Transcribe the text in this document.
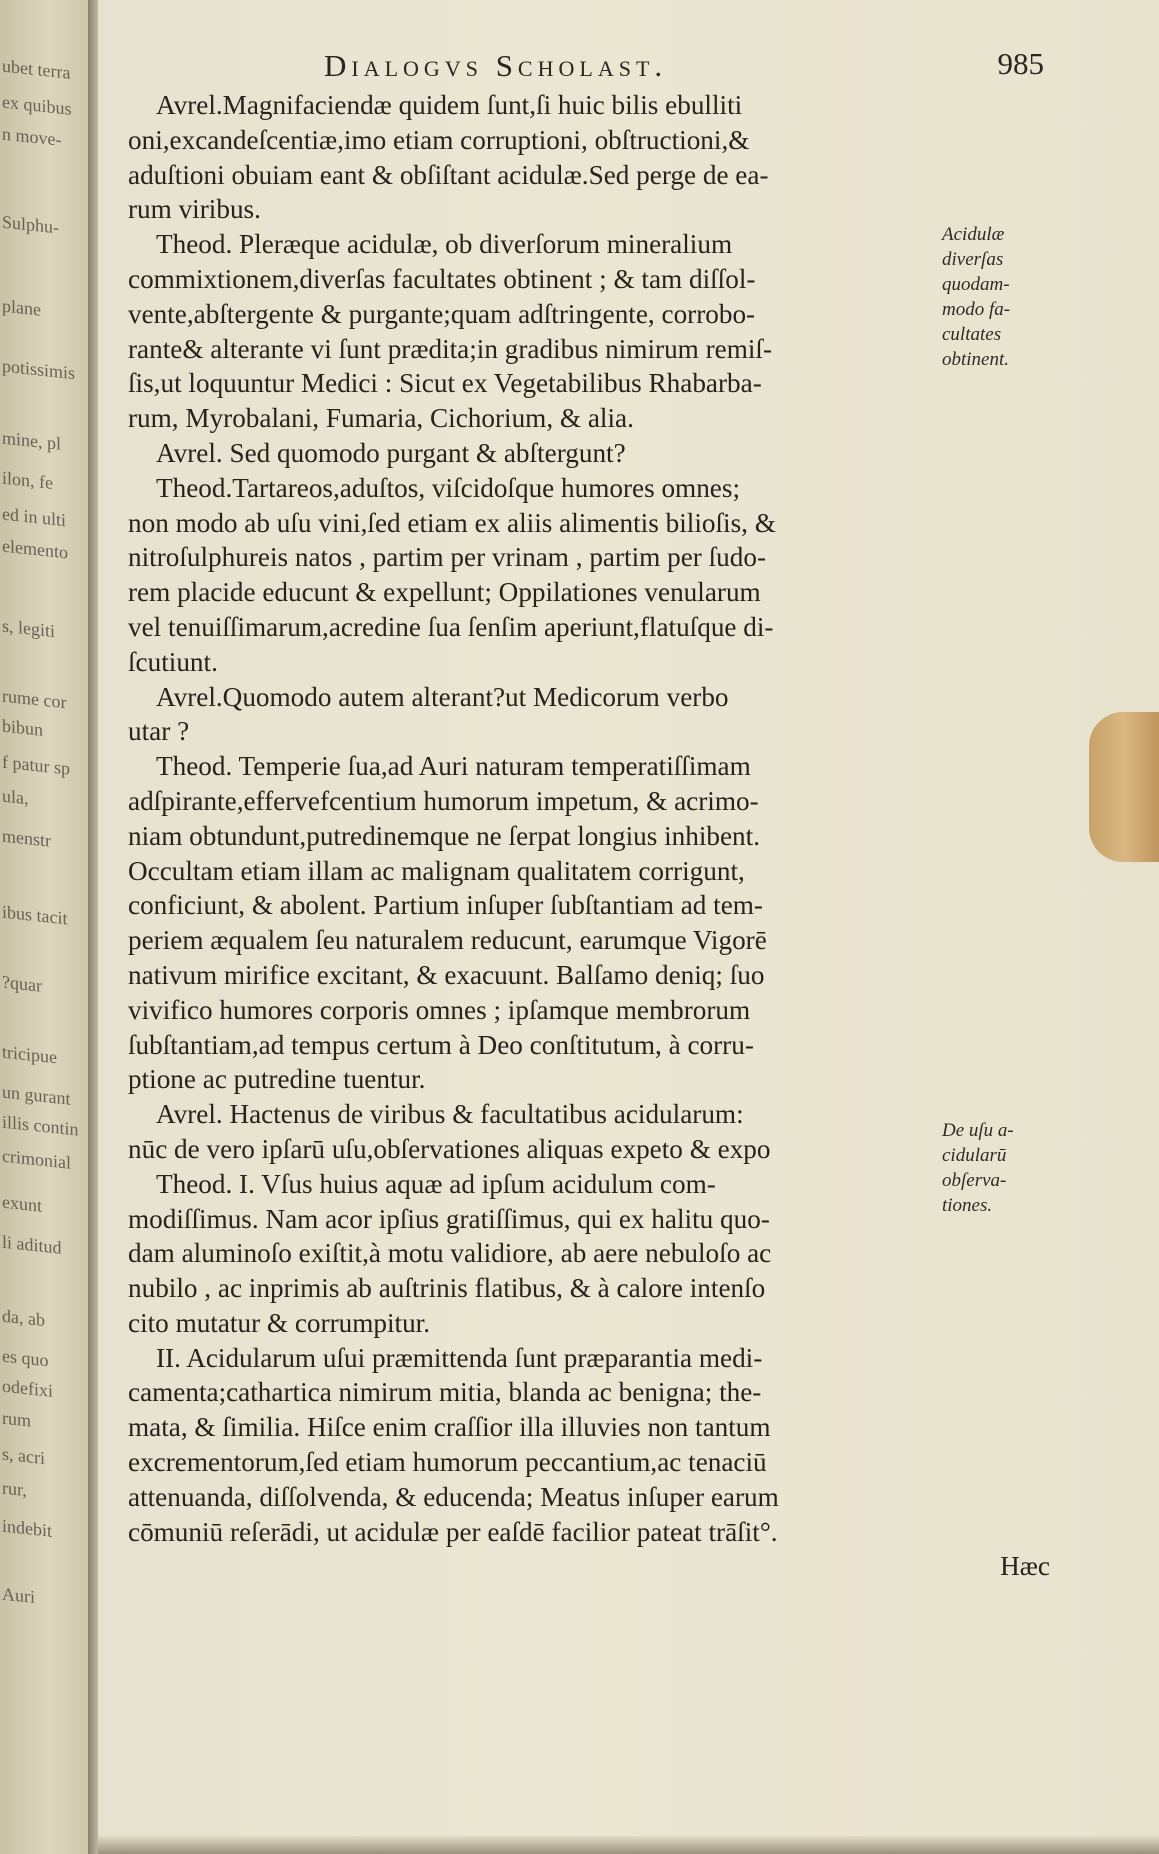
ubet terra
ex quibus
n move-
Sulphu-
plane
potissimis
mine, pl
ilon, fe
ed in ulti
elemento
s, legiti
rume cor
bibun
f patur sp
ula,
menstr
ibus tacit
?quar
tricipue
un gurant
illis contin
crimonial
exunt
li aditud
da, ab
es quo
odefixi
rum
s, acri
rur,
indebit
Auri
Dialogvs Scholast.	985
Avrel.Magnifaciendæ quidem ſunt,ſi huic bilis ebulliti
oni,excandeſcentiæ,imo etiam corruptioni, obſtructioni,&
aduſtioni obuiam eant & obſiſtant acidulæ.Sed perge de ea-
rum viribus.
Theod. Pleræque acidulæ, ob diverſorum mineralium
commixtionem,diverſas facultates obtinent ; & tam diſſol-
vente,abſtergente & purgante;quam adſtringente, corrobo-
rante& alterante vi ſunt prædita;in gradibus nimirum remiſ-
ſis,ut loquuntur Medici : Sicut ex Vegetabilibus Rhabarba-
rum, Myrobalani, Fumaria, Cichorium, & alia.
Avrel. Sed quomodo purgant & abſtergunt?
Theod.Tartareos,aduſtos, viſcidoſque humores omnes;
non modo ab uſu vini,ſed etiam ex aliis alimentis bilioſis, &
nitroſulphureis natos , partim per vrinam , partim per ſudo-
rem placide educunt & expellunt; Oppilationes venularum
vel tenuiſſimarum,acredine ſua ſenſim aperiunt,flatuſque di-
ſcutiunt.
Avrel.Quomodo autem alterant?ut Medicorum verbo
utar ?
Theod. Temperie ſua,ad Auri naturam temperatiſſimam
adſpirante,effervefcentium humorum impetum, & acrimo-
niam obtundunt,putredinemque ne ſerpat longius inhibent.
Occultam etiam illam ac malignam qualitatem corrigunt,
conficiunt, & abolent. Partium inſuper ſubſtantiam ad tem-
periem æqualem ſeu naturalem reducunt, earumque Vigorē
nativum mirifice excitant, & exacuunt. Balſamo deniq; ſuo
vivifico humores corporis omnes ; ipſamque membrorum
ſubſtantiam,ad tempus certum à Deo conſtitutum, à corru-
ptione ac putredine tuentur.
Avrel. Hactenus de viribus & facultatibus acidularum:
nūc de vero ipſarū uſu,obſervationes aliquas expeto & expo
Theod. I. Vſus huius aquæ ad ipſum acidulum com-
modiſſimus. Nam acor ipſius gratiſſimus, qui ex halitu quo-
dam aluminoſo exiſtit,à motu validiore, ab aere nebuloſo ac
nubilo , ac inprimis ab auſtrinis flatibus, & à calore intenſo
cito mutatur & corrumpitur.
II. Acidularum uſui præmittenda ſunt præparantia medi-
camenta;cathartica nimirum mitia, blanda ac benigna; the-
mata, & ſimilia. Hiſce enim craſſior illa illuvies non tantum
excrementorum,ſed etiam humorum peccantium,ac tenaciū
attenuanda, diſſolvenda, & educenda; Meatus inſuper earum
cōmuniū reſerādi, ut acidulæ per eaſdē facilior pateat trāſit°.
Hæc
Acidulæ
diverſas
quodam-
modo fa-
cultates
obtinent.
De uſu a-
cidularū
obſerva-
tiones.
